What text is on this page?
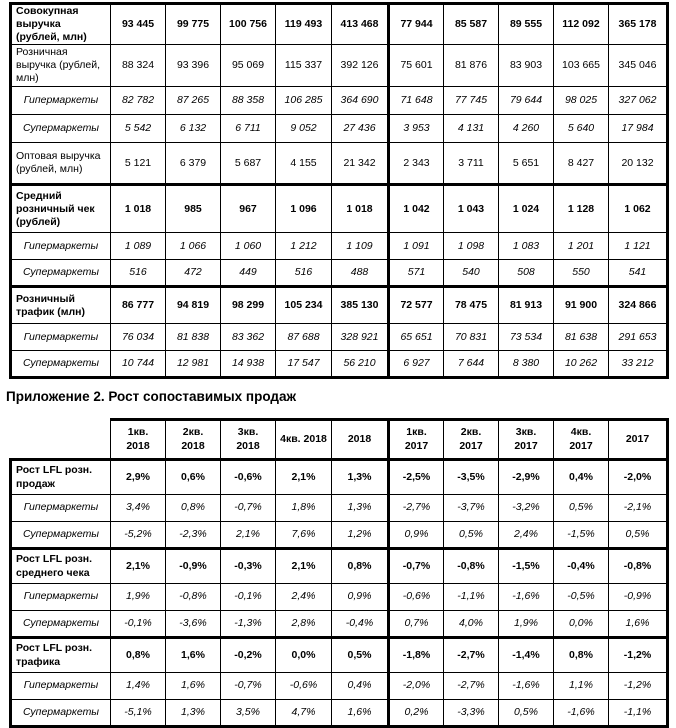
Совокупная выручка (рублей, млн)	93 445	99 775	100 756	119 493	413 468	77 944	85 587	89 555	112 092	365 178
Розничная выручка (рублей, млн)	88 324	93 396	95 069	115 337	392 126	75 601	81 876	83 903	103 665	345 046
Гипермаркеты	82 782	87 265	88 358	106 285	364 690	71 648	77 745	79 644	98 025	327 062
Супермаркеты	5 542	6 132	6 711	9 052	27 436	3 953	4 131	4 260	5 640	17 984
Оптовая выручка (рублей, млн)	5 121	6 379	5 687	4 155	21 342	2 343	3 711	5 651	8 427	20 132
Средний розничный чек (рублей)	1 018	985	967	1 096	1 018	1 042	1 043	1 024	1 128	1 062
Гипермаркеты	1 089	1 066	1 060	1 212	1 109	1 091	1 098	1 083	1 201	1 121
Супермаркеты	516	472	449	516	488	571	540	508	550	541
Розничный трафик (млн)	86 777	94 819	98 299	105 234	385 130	72 577	78 475	81 913	91 900	324 866
Гипермаркеты	76 034	81 838	83 362	87 688	328 921	65 651	70 831	73 534	81 638	291 653
Супермаркеты	10 744	12 981	14 938	17 547	56 210	6 927	7 644	8 380	10 262	33 212
Приложение 2. Рост сопоставимых продаж
	1кв. 2018	2кв. 2018	3кв. 2018	4кв. 2018	2018	1кв. 2017	2кв. 2017	3кв. 2017	4кв. 2017	2017
Рост LFL розн. продаж	2,9%	0,6%	-0,6%	2,1%	1,3%	-2,5%	-3,5%	-2,9%	0,4%	-2,0%
Гипермаркеты	3,4%	0,8%	-0,7%	1,8%	1,3%	-2,7%	-3,7%	-3,2%	0,5%	-2,1%
Супермаркеты	-5,2%	-2,3%	2,1%	7,6%	1,2%	0,9%	0,5%	2,4%	-1,5%	0,5%
Рост LFL розн. среднего чека	2,1%	-0,9%	-0,3%	2,1%	0,8%	-0,7%	-0,8%	-1,5%	-0,4%	-0,8%
Гипермаркеты	1,9%	-0,8%	-0,1%	2,4%	0,9%	-0,6%	-1,1%	-1,6%	-0,5%	-0,9%
Супермаркеты	-0,1%	-3,6%	-1,3%	2,8%	-0,4%	0,7%	4,0%	1,9%	0,0%	1,6%
Рост LFL розн. трафика	0,8%	1,6%	-0,2%	0,0%	0,5%	-1,8%	-2,7%	-1,4%	0,8%	-1,2%
Гипермаркеты	1,4%	1,6%	-0,7%	-0,6%	0,4%	-2,0%	-2,7%	-1,6%	1,1%	-1,2%
Супермаркеты	-5,1%	1,3%	3,5%	4,7%	1,6%	0,2%	-3,3%	0,5%	-1,6%	-1,1%
